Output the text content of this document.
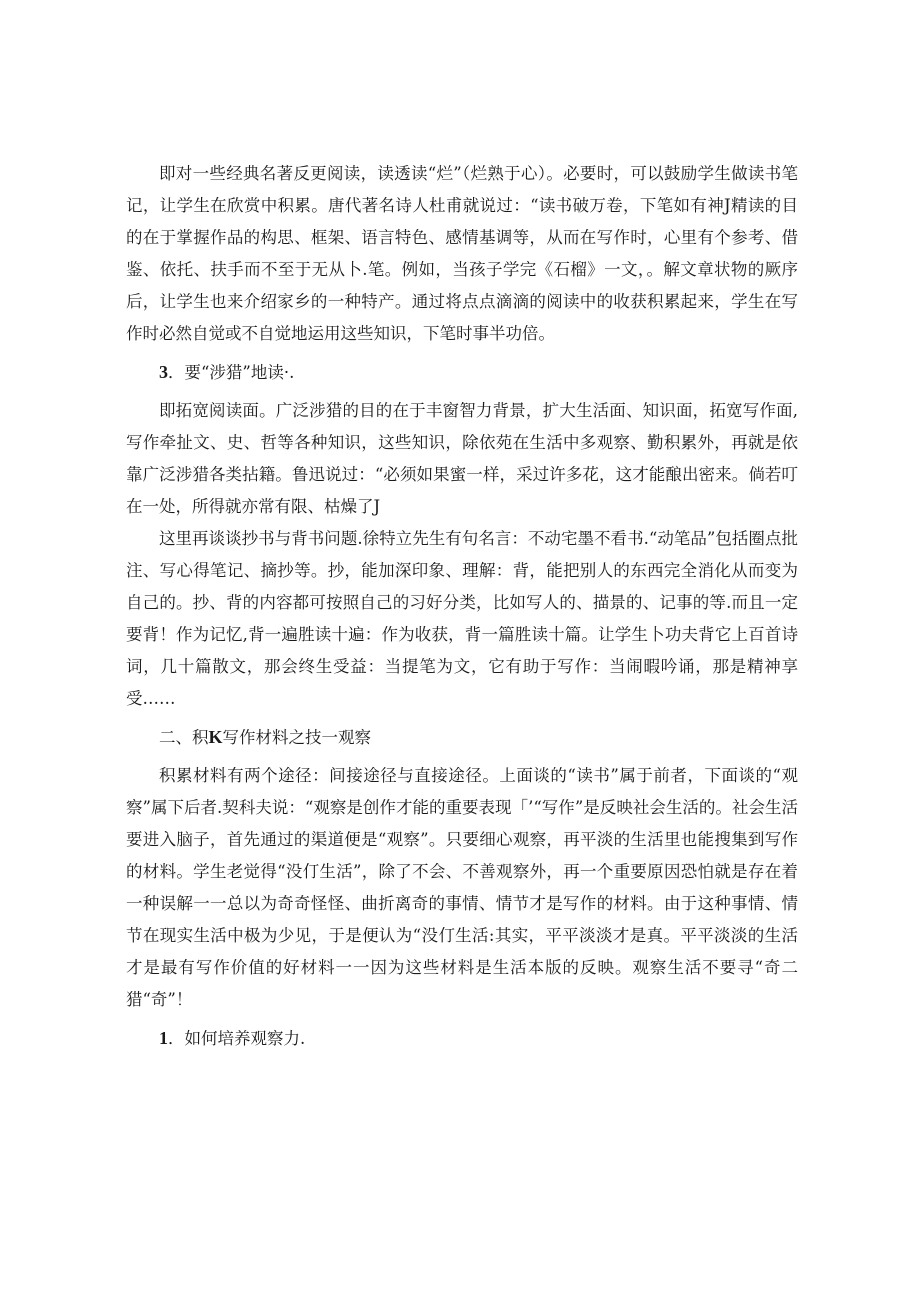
即对一些经典名著反更阅读，读透读“烂”（烂熟于心）。必要时，可以鼓励学生做读书笔记，让学生在欣赏中积累。唐代著名诗人杜甫就说过：“读书破万卷，下笔如有神J精读的目的在于掌握作品的构思、框架、语言特色、感情基调等，从而在写作时，心里有个参考、借鉴、依托、扶手而不至于无从卜.笔。例如，当孩子学完《石榴》一文，。解文章状物的厥序后，让学生也来介绍家乡的一种特产。通过将点点滴滴的阅读中的收获积累起来，学生在写作时必然自觉或不自觉地运用这些知识，下笔时事半功倍。

3．要“涉猎”地读·.

即拓宽阅读面。广泛涉猎的目的在于丰窗智力背景，扩大生活面、知识面，拓宽写作面,写作牵扯文、史、哲等各种知识，这些知识，除依苑在生活中多观察、勤积累外，再就是依靠广泛涉猎各类拈籍。鲁迅说过：“必须如果蜜一样，采过许多花，这才能酿出密来。倘若叮在一处，所得就亦常有限、枯燥了J

这里再谈谈抄书与背书问题.徐特立先生有句名言：不动宅墨不看书.“动笔品”包括圈点批注、写心得笔记、摘抄等。抄，能加深印象、理解：背，能把别人的东西完全消化从而变为自己的。抄、背的内容都可按照自己的习好分类，比如写人的、描景的、记事的等.而且一定要背！作为记忆,背一遍胜读十遍：作为收获，背一篇胜读十篇。让学生卜功夫背它上百首诗词，几十篇散文，那会终生受益：当提笔为文，它有助于写作：当闹暇吟诵，那是精神享受……

二、积K写作材料之技一观察

积累材料有两个途径：间接途径与直接途径。上面谈的“读书”属于前者，下面谈的“观察”属下后者.契科夫说：“观察是创作才能的重要表现「’“写作”是反映社会生活的。社会生活要进入脑子，首先通过的渠道便是“观察”。只要细心观察，再平淡的生活里也能搜集到写作的材料。学生老觉得“没仃生活”，除了不会、不善观察外，再一个重要原因恐怕就是存在着一种误解一一总以为奇奇怪怪、曲折离奇的事情、情节才是写作的材料。由于这种事情、情节在现实生活中极为少见，于是便认为“没仃生活:其实，平平淡淡才是真。平平淡淡的生活才是最有写作价值的好材料一一因为这些材料是生活本版的反映。观察生活不要寻“奇二猎“奇”！

1．如何培养观察力.
